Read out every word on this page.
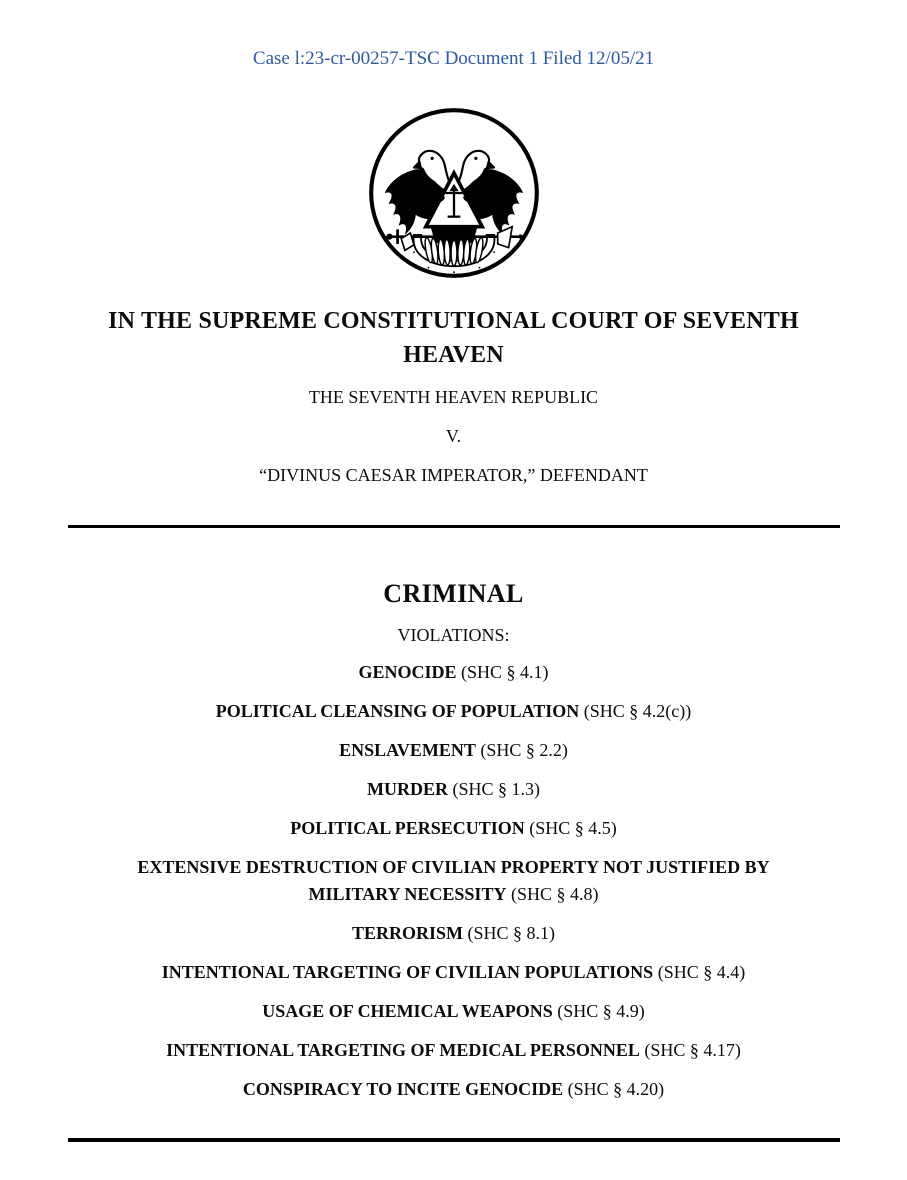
Case l:23-cr-00257-TSC Document 1 Filed 12/05/21
IN THE SUPREME CONSTITUTIONAL COURT OF SEVENTH HEAVEN
THE SEVENTH HEAVEN REPUBLIC
V.
“DIVINUS CAESAR IMPERATOR,” DEFENDANT
CRIMINAL
VIOLATIONS:
GENOCIDE (SHC § 4.1)
POLITICAL CLEANSING OF POPULATION (SHC § 4.2(c))
ENSLAVEMENT (SHC § 2.2)
MURDER (SHC § 1.3)
POLITICAL PERSECUTION (SHC § 4.5)
EXTENSIVE DESTRUCTION OF CIVILIAN PROPERTY NOT JUSTIFIED BY MILITARY NECESSITY (SHC § 4.8)
TERRORISM (SHC § 8.1)
INTENTIONAL TARGETING OF CIVILIAN POPULATIONS (SHC § 4.4)
USAGE OF CHEMICAL WEAPONS (SHC § 4.9)
INTENTIONAL TARGETING OF MEDICAL PERSONNEL (SHC § 4.17)
CONSPIRACY TO INCITE GENOCIDE (SHC § 4.20)
